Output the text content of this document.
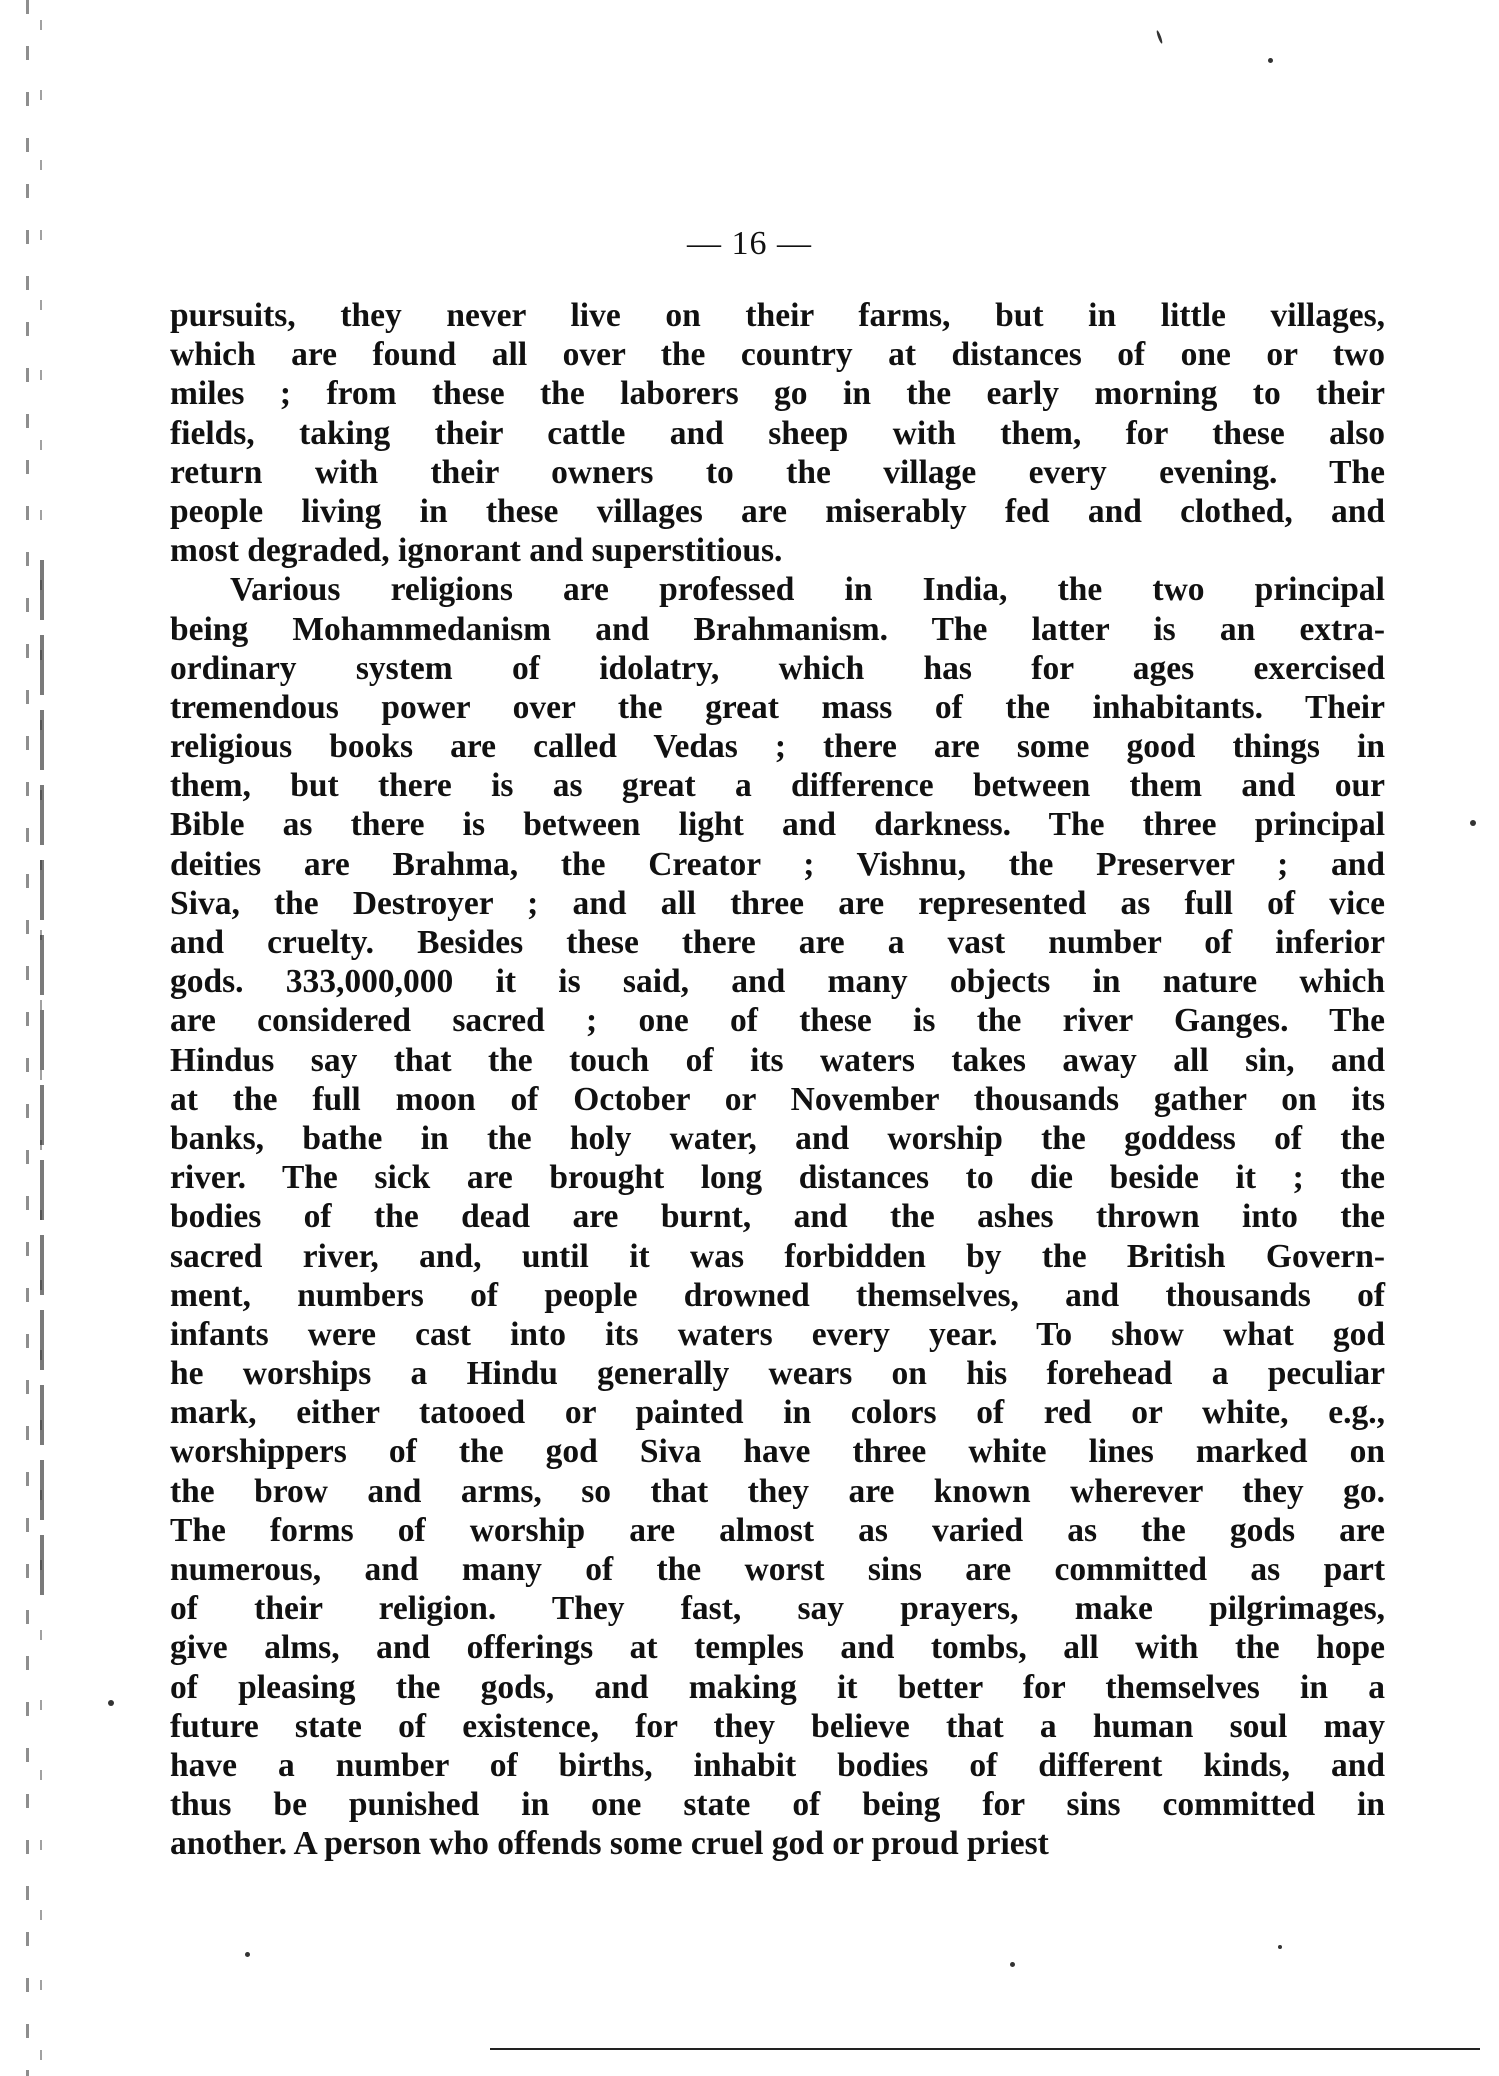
— 16 —
pursuits, they never live on their farms, but in little villages,
which are found all over the country at distances of one or two
miles ; from these the laborers go in the early morning to their
fields, taking their cattle and sheep with them, for these also
return with their owners to the village every evening. The
people living in these villages are miserably fed and clothed, and
most degraded, ignorant and superstitious.
Various religions are professed in India, the two principal
being Mohammedanism and Brahmanism. The latter is an extra-
ordinary system of idolatry, which has for ages exercised
tremendous power over the great mass of the inhabitants. Their
religious books are called Vedas ; there are some good things in
them, but there is as great a difference between them and our
Bible as there is between light and darkness. The three principal
deities are Brahma, the Creator ; Vishnu, the Preserver ; and
Siva, the Destroyer ; and all three are represented as full of vice
and cruelty. Besides these there are a vast number of inferior
gods. 333,000,000 it is said, and many objects in nature which
are considered sacred ; one of these is the river Ganges. The
Hindus say that the touch of its waters takes away all sin, and
at the full moon of October or November thousands gather on its
banks, bathe in the holy water, and worship the goddess of the
river. The sick are brought long distances to die beside it ; the
bodies of the dead are burnt, and the ashes thrown into the
sacred river, and, until it was forbidden by the British Govern-
ment, numbers of people drowned themselves, and thousands of
infants were cast into its waters every year. To show what god
he worships a Hindu generally wears on his forehead a peculiar
mark, either tatooed or painted in colors of red or white, e.g.,
worshippers of the god Siva have three white lines marked on
the brow and arms, so that they are known wherever they go.
The forms of worship are almost as varied as the gods are
numerous, and many of the worst sins are committed as part
of their religion. They fast, say prayers, make pilgrimages,
give alms, and offerings at temples and tombs, all with the hope
of pleasing the gods, and making it better for themselves in a
future state of existence, for they believe that a human soul may
have a number of births, inhabit bodies of different kinds, and
thus be punished in one state of being for sins committed in
another. A person who offends some cruel god or proud priest
